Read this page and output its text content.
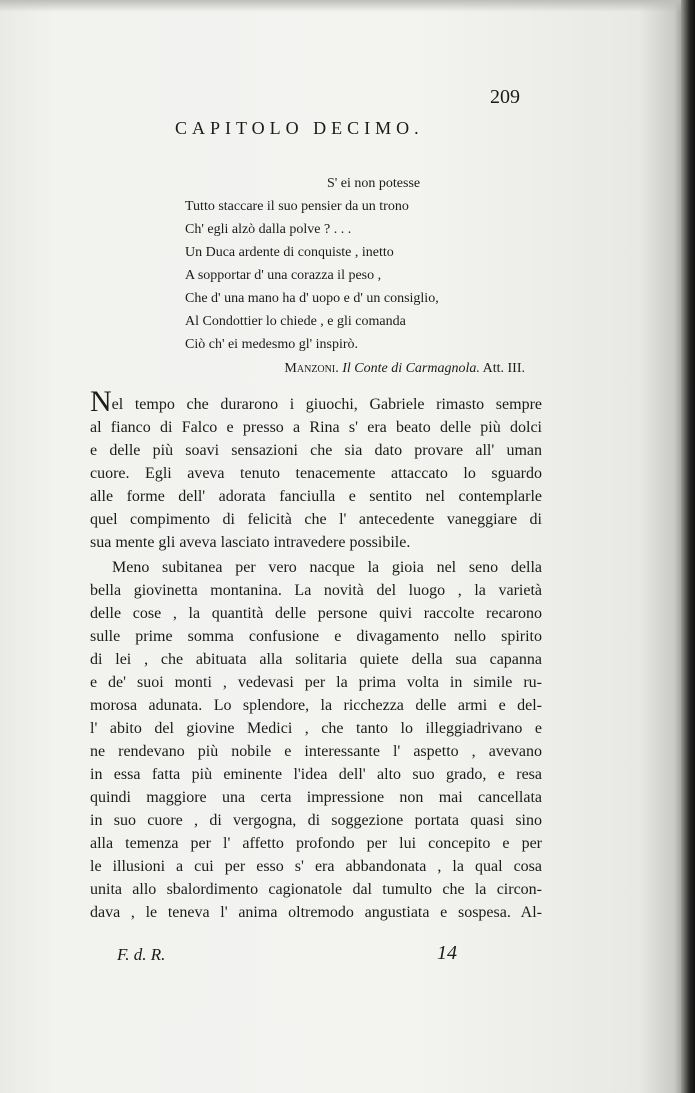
209
CAPITOLO DECIMO.
S' ei non potesse
Tutto staccare il suo pensier da un trono
Ch' egli alzò dalla polve ? . . .
Un Duca ardente di conquiste , inetto
A sopportar d' una corazza il peso ,
Che d' una mano ha d' uopo e d' un consiglio,
Al Condottier lo chiede , e gli comanda
Ciò ch' ei medesmo gl' inspirò.
Manzoni. Il Conte di Carmagnola. Att. III.
Nel tempo che durarono i giuochi, Gabriele rimasto sempre
al fianco di Falco e presso a Rina s' era beato delle più dolci
e delle più soavi sensazioni che sia dato provare all' uman
cuore. Egli aveva tenuto tenacemente attaccato lo sguardo
alle forme dell' adorata fanciulla e sentito nel contemplarle
quel compimento di felicità che l' antecedente vaneggiare di
sua mente gli aveva lasciato intravedere possibile.
Meno subitanea per vero nacque la gioia nel seno della
bella giovinetta montanina. La novità del luogo , la varietà
delle cose , la quantità delle persone quivi raccolte recarono
sulle prime somma confusione e divagamento nello spirito
di lei , che abituata alla solitaria quiete della sua capanna
e de' suoi monti , vedevasi per la prima volta in simile ru-
morosa adunata. Lo splendore, la ricchezza delle armi e del-
l' abito del giovine Medici , che tanto lo illeggiadrivano e
ne rendevano più nobile e interessante l' aspetto , avevano
in essa fatta più eminente l'idea dell' alto suo grado, e resa
quindi maggiore una certa impressione non mai cancellata
in suo cuore , di vergogna, di soggezione portata quasi sino
alla temenza per l' affetto profondo per lui concepito e per
le illusioni a cui per esso s' era abbandonata , la qual cosa
unita allo sbalordimento cagionatole dal tumulto che la circon-
dava , le teneva l' anima oltremodo angustiata e sospesa. Al-
F. d. R.	14
